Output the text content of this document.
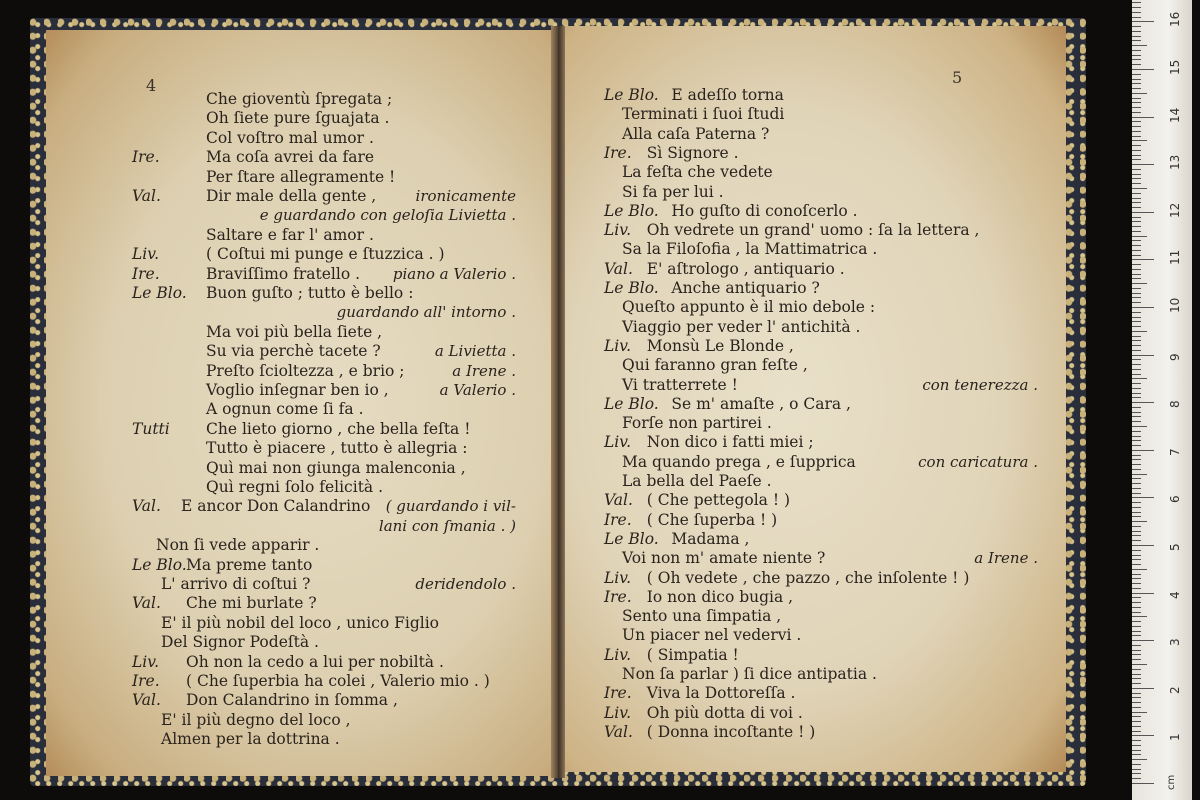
4
Che gioventù ſpregata ;
Oh ſiete pure ſguajata .
Col voſtro mal umor .
Ire.	Ma coſa avrei da fare
Per ſtare allegramente !
Val.	Dir male della gente ,	ironicamente
e guardando con geloſia Livietta .
Saltare e far l' amor .
Liv.	( Coſtui mi punge e ſtuzzica . )
Ire.	Braviſſimo fratello . piano a Valerio .
Le Blo. Buon guſto ; tutto è bello :
guardando all' intorno .
Ma voi più bella ſiete ,
Su via perchè tacete ?	a Livietta .
Preſto ſcioltezza , e brio ;	a Irene .
Voglio inſegnar ben io ,	a Valerio .
A ognun come ſi fa .
Tutti Che lieto giorno , che bella feſta !
Tutto è piacere , tutto è allegria :
Quì mai non giunga malenconia ,
Quì regni ſolo felicità .
Val. E ancor Don Calandrino ( guardando i vil-
lani con ſmania . )
Non ſi vede apparir .
Le Blo. Ma preme tanto
L' arrivo di coſtui ?	deridendolo .
Val. Che mi burlate ?
E' il più nobil del loco , unico Figlio
Del Signor Podeſtà .
Liv. Oh non la cedo a lui per nobiltà .
Ire. ( Che ſuperbia ha colei , Valerio mio . )
Val. Don Calandrino in ſomma ,
E' il più degno del loco ,
Almen per la dottrina .
5
Le Blo. E adeſſo torna
Terminati i ſuoi ſtudi
Alla caſa Paterna ?
Ire. Sì Signore .
La feſta che vedete
Si fa per lui .
Le Blo. Ho guſto di conoſcerlo .
Liv. Oh vedrete un grand' uomo : ſa la lettera ,
Sa la Filoſofia , la Mattimatrica .
Val. E' aſtrologo , antiquario .
Le Blo. Anche antiquario ?
Queſto appunto è il mio debole :
Viaggio per veder l' antichità .
Liv. Monsù Le Blonde ,
Qui faranno gran feſte ,
Vi tratterrete !	con tenerezza .
Le Blo. Se m' amaſte , o Cara ,
Forſe non partirei .
Liv. Non dico i fatti miei ;
Ma quando prega , e ſupprica	con caricatura .
La bella del Paeſe .
Val. ( Che pettegola ! )
Ire. ( Che ſuperba ! )
Le Blo. Madama ,
Voi non m' amate niente ?	a Irene .
Liv. ( Oh vedete , che pazzo , che inſolente ! )
Ire. Io non dico bugia ,
Sento una ſimpatia ,
Un piacer nel vedervi .
Liv. ( Simpatia !
Non ſa parlar ) ſi dice antipatia .
Ire. Viva la Dottoreſſa .
Liv. Oh più dotta di voi .
Val. ( Donna incoſtante ! )
cm
1
2
3
4
5
6
7
8
9
10
11
12
13
14
15
16
